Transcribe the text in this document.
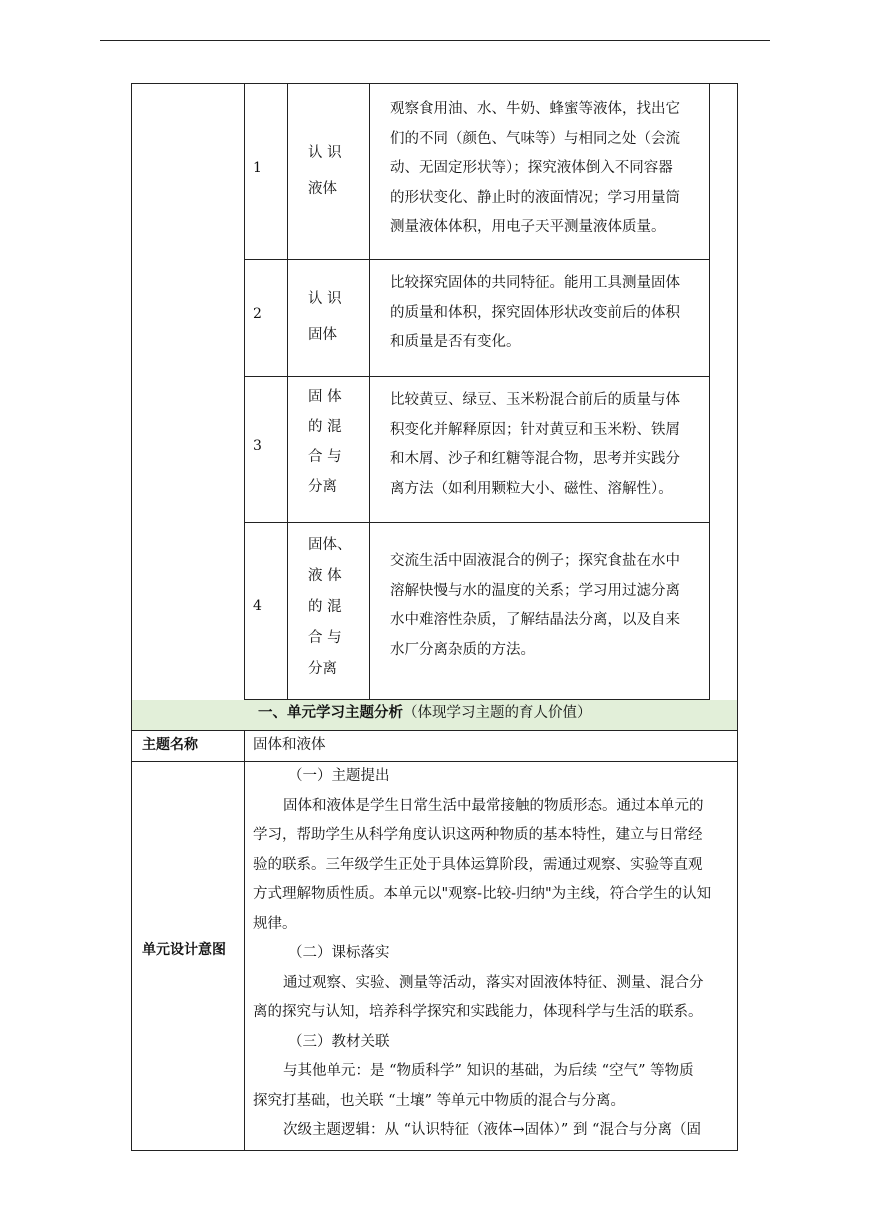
1
认 识
液体
观察食用油、水、牛奶、蜂蜜等液体，找出它
们的不同（颜色、气味等）与相同之处（会流
动、无固定形状等）；探究液体倒入不同容器
的形状变化、静止时的液面情况；学习用量筒
测量液体体积，用电子天平测量液体质量。
2
认 识
固体
比较探究固体的共同特征。能用工具测量固体
的质量和体积，探究固体形状改变前后的体积
和质量是否有变化。
3
固 体
的 混
合 与
分离
比较黄豆、绿豆、玉米粉混合前后的质量与体
积变化并解释原因；针对黄豆和玉米粉、铁屑
和木屑、沙子和红糖等混合物，思考并实践分
离方法（如利用颗粒大小、磁性、溶解性）。
4
固体、
液 体
的 混
合 与
分离
交流生活中固液混合的例子；探究食盐在水中
溶解快慢与水的温度的关系；学习用过滤分离
水中难溶性杂质，了解结晶法分离，以及自来
水厂分离杂质的方法。
一、单元学习主题分析（体现学习主题的育人价值）
主题名称	固体和液体
单元设计意图
（一）主题提出
固体和液体是学生日常生活中最常接触的物质形态。通过本单元的
学习，帮助学生从科学角度认识这两种物质的基本特性，建立与日常经
验的联系。三年级学生正处于具体运算阶段，需通过观察、实验等直观
方式理解物质性质。本单元以"观察-比较-归纳"为主线，符合学生的认知
规律。
（二）课标落实
通过观察、实验、测量等活动，落实对固液体特征、测量、混合分
离的探究与认知，培养科学探究和实践能力，体现科学与生活的联系。
（三）教材关联
与其他单元：是 “物质科学” 知识的基础，为后续 “空气” 等物质
探究打基础，也关联 “土壤” 等单元中物质的混合与分离。
次级主题逻辑：从 “认识特征（液体→固体）” 到 “混合与分离（固
